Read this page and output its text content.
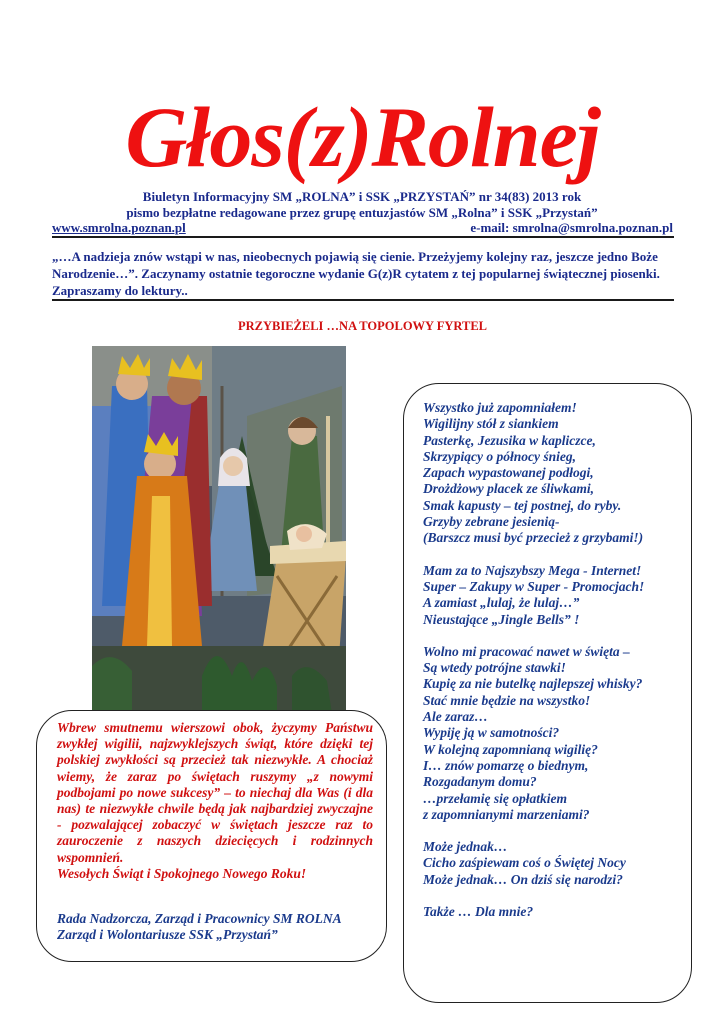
Głos(z)Rolnej
Biuletyn Informacyjny SM „ROLNA” i SSK „PRZYSTAŃ” nr 34(83) 2013 rok
pismo bezpłatne redagowane przez grupę entuzjastów SM „Rolna” i SSK „Przystań”
www.smrolna.poznan.pl	e-mail: smrolna@smrolna.poznan.pl
„…A nadzieja znów wstąpi w nas, nieobecnych pojawią się cienie. Przeżyjemy kolejny raz, jeszcze jedno Boże Narodzenie…”. Zaczynamy ostatnie tegoroczne wydanie G(z)R cytatem z tej popularnej świątecznej piosenki. Zapraszamy do lektury..
PRZYBIEŻELI …NA TOPOLOWY FYRTEL
Wszystko już zapomniałem!
Wigilijny stół z siankiem
Pasterkę, Jezusika w kapliczce,
Skrzypiący o północy śnieg,
Zapach wypastowanej podłogi,
Drożdżowy placek ze śliwkami,
Smak kapusty – tej postnej, do ryby.
Grzyby zebrane jesienią-
(Barszcz musi być przecież z grzybami!)
Mam za to Najszybszy Mega - Internet!
Super – Zakupy w Super - Promocjach!
A zamiast „lulaj, że lulaj…”
Nieustające „Jingle Bells” !
Wolno mi pracować nawet w święta –
Są wtedy potrójne stawki!
Kupię za nie butelkę najlepszej whisky?
Stać mnie będzie na wszystko!
Ale zaraz…
Wypiję ją w samotności?
W kolejną zapomnianą wigilię?
I… znów pomarzę o biednym,
Rozgadanym domu?
…przełamię się opłatkiem
z zapomnianymi marzeniami?
Może jednak…
Cicho zaśpiewam coś o Świętej Nocy
Może jednak… On dziś się narodzi?
Także … Dla mnie?
Wbrew smutnemu wierszowi obok, życzymy Państwu zwykłej wigilii, najzwyklejszych świąt, które dzięki tej polskiej zwykłości są przecież tak niezwykłe. A chociaż wiemy, że zaraz po świętach ruszymy „z nowymi podbojami po nowe sukcesy” – to niechaj dla Was (i dla nas) te niezwykłe chwile będą jak najbardziej zwyczajne - pozwalającej zobaczyć w świętach jeszcze raz to zauroczenie z naszych dziecięcych i rodzinnych wspomnień.
Wesołych Świąt i Spokojnego Nowego Roku!
Rada Nadzorcza, Zarząd i Pracownicy SM ROLNA
Zarząd i Wolontariusze SSK „Przystań”
